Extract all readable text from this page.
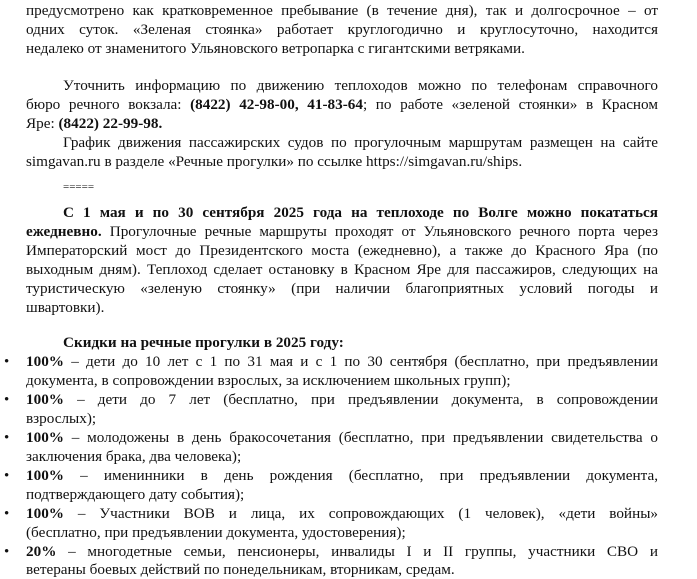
предусмотрено как кратковременное пребывание (в течение дня), так и долгосрочное – от
одних суток. «Зеленая стоянка» работает круглогодично и круглосуточно, находится
недалеко от знаменитого Ульяновского ветропарка с гигантскими ветряками.
Уточнить информацию по движению теплоходов можно по телефонам справочного
бюро речного вокзала: (8422) 42-98-00, 41-83-64; по работе «зеленой стоянки» в Красном
Яре: (8422) 22-99-98.
График движения пассажирских судов по прогулочным маршрутам размещен на сайте
simgavan.ru в разделе «Речные прогулки» по ссылке https://simgavan.ru/ships.
=====
С 1 мая и по 30 сентября 2025 года на теплоходе по Волге можно покататься
ежедневно. Прогулочные речные маршруты проходят от Ульяновского речного порта через
Императорский мост до Президентского моста (ежедневно), а также до Красного Яра (по
выходным дням). Теплоход сделает остановку в Красном Яре для пассажиров, следующих на
туристическую «зеленую стоянку» (при наличии благоприятных условий погоды и
швартовки).
Скидки на речные прогулки в 2025 году:
• 100% – дети до 10 лет с 1 по 31 мая и с 1 по 30 сентября (бесплатно, при предъявлении
документа, в сопровождении взрослых, за исключением школьных групп);
• 100% – дети до 7 лет (бесплатно, при предъявлении документа, в сопровождении
взрослых);
• 100% – молодожены в день бракосочетания (бесплатно, при предъявлении свидетельства о
заключения брака, два человека);
• 100% – именинники в день рождения (бесплатно, при предъявлении документа,
подтверждающего дату события);
• 100% – Участники ВОВ и лица, их сопровождающих (1 человек), «дети войны»
(бесплатно, при предъявлении документа, удостоверения);
• 20% – многодетные семьи, пенсионеры, инвалиды I и II группы, участники СВО и
ветераны боевых действий по понедельникам, вторникам, средам.
